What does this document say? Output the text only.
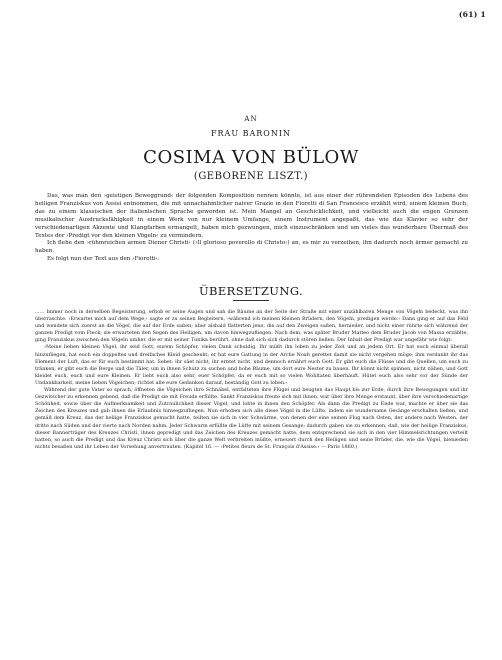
(61) 1
AN
FRAU BARONIN
COSIMA VON BÜLOW
(GEBORENE LISZT.)

Das, was man den ›geistigen Beweggrund‹ der folgenden Komposition nennen könnte, ist aus einer der rührendsten Episoden des Lebens des heiligen Franziskus von Assisi entnommen, die mit unnachahmlicher naiver Grazie in den Fioretti di San Francesco erzählt wird, einem kleinen Buch, das zu einem klassischen der italienischen Sprache geworden ist. Mein Mangel an Geschicklichkeit, und vielleicht auch die engen Grenzen musikalischer Ausdrucksfähigkeit in einem Werk von nur kleinem Umfange, einem Instrument angepaßt, das wie das Klavier so sehr der verschiedenartigen Akzente und Klangfarben ermangelt, haben mich gezwungen, mich einzuschränken und um vieles das wunderbare Übermaß des Textes der ›Predigt vor den kleinen Vögeln‹ zu vermindern.

Ich flehe den ›rühmreichen armen Diener Christi‹ (›Il glorioso poverello di Christo‹) an, es mir zu verzeihen, ihn dadurch noch ärmer gemacht zu haben.

Es folgt nun der Text aus den ›Fioretti‹.

ÜBERSETZUNG.

...... Immer noch in derselben Begeisterung, erhob er seine Augen und sah die Bäume an der Seite der Straße mit einer unzählbaren Menge von Vögeln bedeckt, was ihn überraschte. ›Erwartet mich auf dem Wege,‹ sagte er zu seinen Begleitern, ›während ich meinen kleinen Brüdern, den Vögeln, predigen werde.‹ Dann ging er auf das Feld und wendete sich zuerst an die Vögel, die auf der Erde saßen; aber alsbald flatterten jene, die auf den Zweigen saßen, hernieder, und nicht einer rührte sich während der ganzen Predigt vom Fleck; sie erwarteten den Segen des Heiligen, um davon hinwegzufliegen. Nach dem, was später Bruder Matteo dem Bruder Jacob von Massa erzählte, ging Franziskus zwischen den Vögeln umher, die er mit seiner Tunika berührt, ohne daß sich sich dadurch stören ließen. Der Inhalt der Predigt war ungefähr wie folgt:

›Meine lieben kleinen Vögel, ihr seid Gott, eurem Schöpfer, vielen Dank schuldig. Ihr müßt ihn loben zu jeder Zeit und an jedem Ort. Er hat euch einmal überall hinzufliegen, hat euch ein doppeltes und dreifaches Kleid geschenkt; er hat eure Gattung in der Arche Noah gerettet damit sie nicht vergehen möge; ihm verdankt ihr das Element der Luft, das er für euch bestimmt hat. Sebet: ihr säet nicht, ihr erntet nicht, und dennoch ernährt euch Gott. Er gibt euch die Flüsse und die Quellen, um euch zu tränken, er gibt euch die Berge und die Täler, um in ihnen Schutz zu suchen und hohe Bäume, um dort eure Nester zu bauen. Ihr könnt nicht spinnen, nicht nähen, und Gott kleidet euch, euch und eure Kleinen. Er liebt euch also sehr, euer Schöpfer, da er euch mit so vielen Wohltaten überhäuft. Hütet euch also sehr vor der Sünde der Undankbarkeit, meine lieben Vögelchen; richtet alle eure Gedanken darauf, beständig Gott zu loben.‹

Während der gute Vater so sprach, öffneten die Vögelchen ihre Schnäbel, entfalteten ihre Flügel und beugten das Haupt bis zur Erde, durch ihre Bewegungen und ihr Gezwitscher zu erkennen gebend, daß die Predigt sie mit Freude erfüllte. Sankt Franziskus freute sich mit ihnen, war über ihre Menge erstaunt, über ihre verschiedenartige Schönheit, sowie über die Aufmerksamkeit und Zutraulichkeit dieser Vögel, und lobte in ihnen den Schöpfer. Als dann die Predigt zu Ende war, machte er über sie das Zeichen des Kreuzes und gab ihnen die Erlaubnis hinwegzufliegen. Nun erhoben sich alle diese Vögel in die Lüfte, indem sie wundersame Gesänge erschallen ließen, und gemäß dem Kreuz, das der heilige Franziskus gemacht hatte, teilten sie sich in vier Schwärme, von denen der eine seinen Flug nach Osten, der andere nach Westen, der dritte nach Süden und der vierte nach Norden nahm. Jeder Schwarm erfüllte die Lüfte mit seinem Gesange; dadurch gaben sie zu erkennen, daß, wie der heilige Franziskus, dieser Bannerträger des Kreuzes Christi, ihnen gepredigt und das Zeichen des Kreuzes gemacht hatte, dem entsprechend sie sich in den vier Himmelsrichtungen verteilt hatten, so auch die Predigt und das Kreuz Christi sich über die ganze Welt verbreiten müßte, erneuert durch den Heiligen und seine Brüder, die, wie die Vögel, hienieden nichts besaßen und ihr Leben der Vorsehung anvertrauten. (Kapitel 16. — ›Petites fleurs de St. François d'Assise.‹ — Paris 1860.)
